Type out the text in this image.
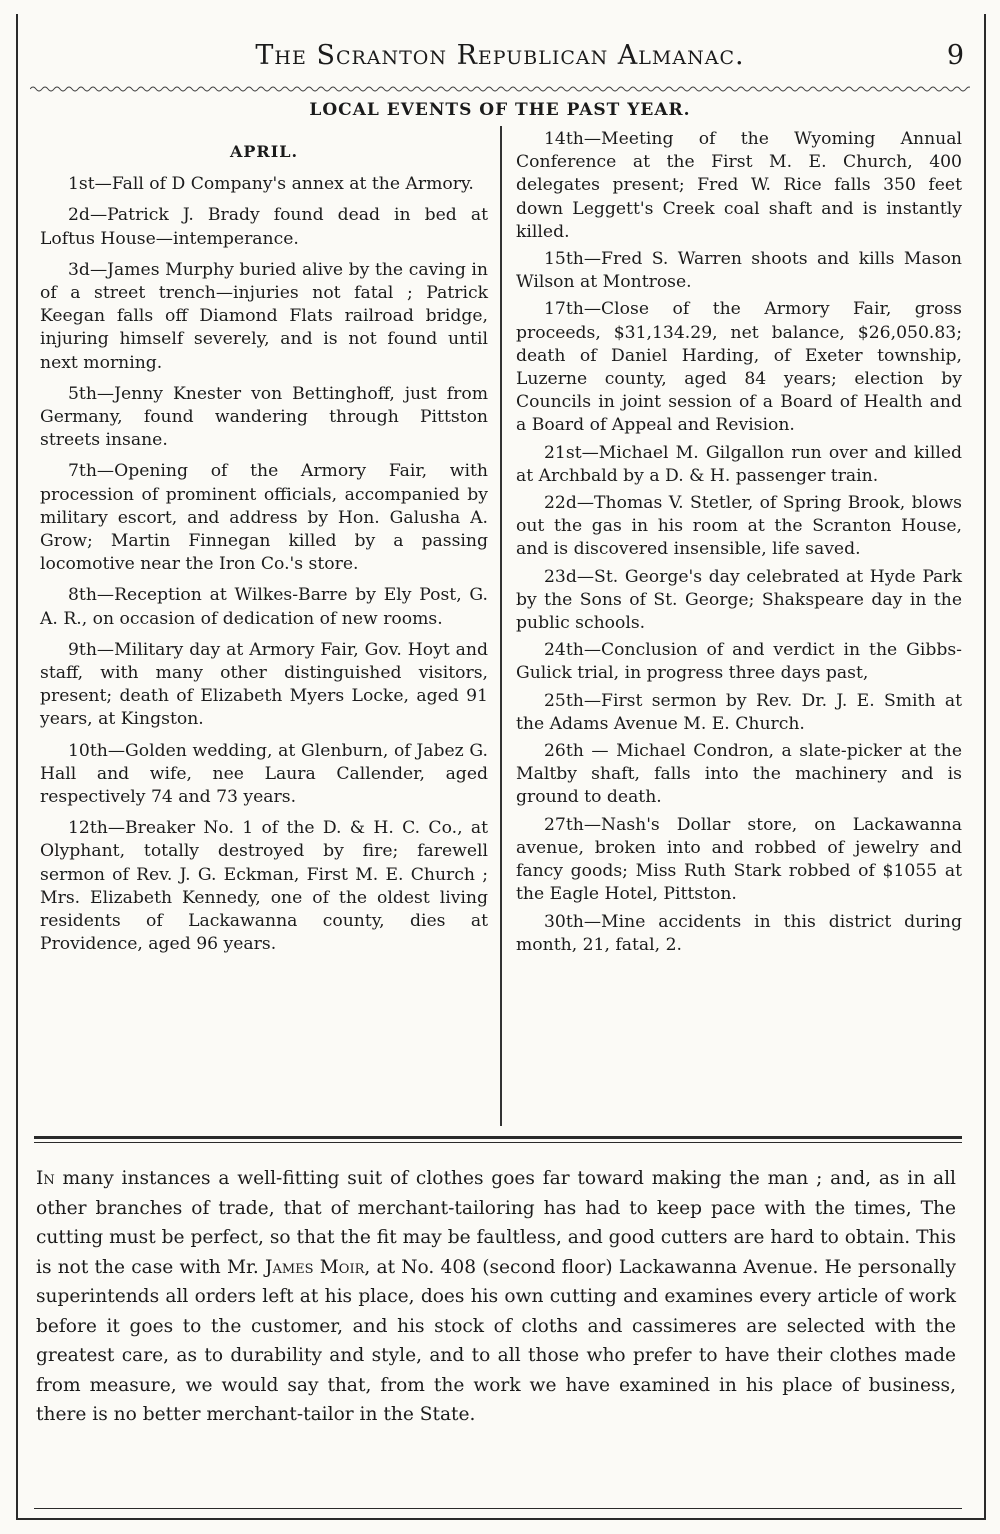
The Scranton Republican Almanac.	9
LOCAL EVENTS OF THE PAST YEAR.
APRIL.

1st—Fall of D Company's annex at the Armory.

2d—Patrick J. Brady found dead in bed at Loftus House—intemperance.

3d—James Murphy buried alive by the caving in of a street trench—injuries not fatal ; Patrick Keegan falls off Diamond Flats railroad bridge, injuring himself severely, and is not found until next morning.

5th—Jenny Knester von Bettinghoff, just from Germany, found wandering through Pittston streets insane.

7th—Opening of the Armory Fair, with procession of prominent officials, accompanied by military escort, and address by Hon. Galusha A. Grow; Martin Finnegan killed by a passing locomotive near the Iron Co.'s store.

8th—Reception at Wilkes-Barre by Ely Post, G. A. R., on occasion of dedication of new rooms.

9th—Military day at Armory Fair, Gov. Hoyt and staff, with many other distinguished visitors, present; death of Elizabeth Myers Locke, aged 91 years, at Kingston.

10th—Golden wedding, at Glenburn, of Jabez G. Hall and wife, nee Laura Callender, aged respectively 74 and 73 years.

12th—Breaker No. 1 of the D. & H. C. Co., at Olyphant, totally destroyed by fire; farewell sermon of Rev. J. G. Eckman, First M. E. Church ; Mrs. Elizabeth Kennedy, one of the oldest living residents of Lackawanna county, dies at Providence, aged 96 years.

14th—Meeting of the Wyoming Annual Conference at the First M. E. Church, 400 delegates present; Fred W. Rice falls 350 feet down Leggett's Creek coal shaft and is instantly killed.

15th—Fred S. Warren shoots and kills Mason Wilson at Montrose.

17th—Close of the Armory Fair, gross proceeds, $31,134.29, net balance, $26,050.83; death of Daniel Harding, of Exeter township, Luzerne county, aged 84 years; election by Councils in joint session of a Board of Health and a Board of Appeal and Revision.

21st—Michael M. Gilgallon run over and killed at Archbald by a D. & H. passenger train.

22d—Thomas V. Stetler, of Spring Brook, blows out the gas in his room at the Scranton House, and is discovered insensible, life saved.

23d—St. George's day celebrated at Hyde Park by the Sons of St. George; Shakspeare day in the public schools.

24th—Conclusion of and verdict in the Gibbs-Gulick trial, in progress three days past,

25th—First sermon by Rev. Dr. J. E. Smith at the Adams Avenue M. E. Church.

26th — Michael Condron, a slate-picker at the Maltby shaft, falls into the machinery and is ground to death.

27th—Nash's Dollar store, on Lackawanna avenue, broken into and robbed of jewelry and fancy goods; Miss Ruth Stark robbed of $1055 at the Eagle Hotel, Pittston.

30th—Mine accidents in this district during month, 21, fatal, 2.

In many instances a well-fitting suit of clothes goes far toward making the man ; and, as in all other branches of trade, that of merchant-tailoring has had to keep pace with the times, The cutting must be perfect, so that the fit may be faultless, and good cutters are hard to obtain. This is not the case with Mr. James Moir, at No. 408 (second floor) Lackawanna Avenue. He personally superintends all orders left at his place, does his own cutting and examines every article of work before it goes to the customer, and his stock of cloths and cassimeres are selected with the greatest care, as to durability and style, and to all those who prefer to have their clothes made from measure, we would say that, from the work we have examined in his place of business, there is no better merchant-tailor in the State.
